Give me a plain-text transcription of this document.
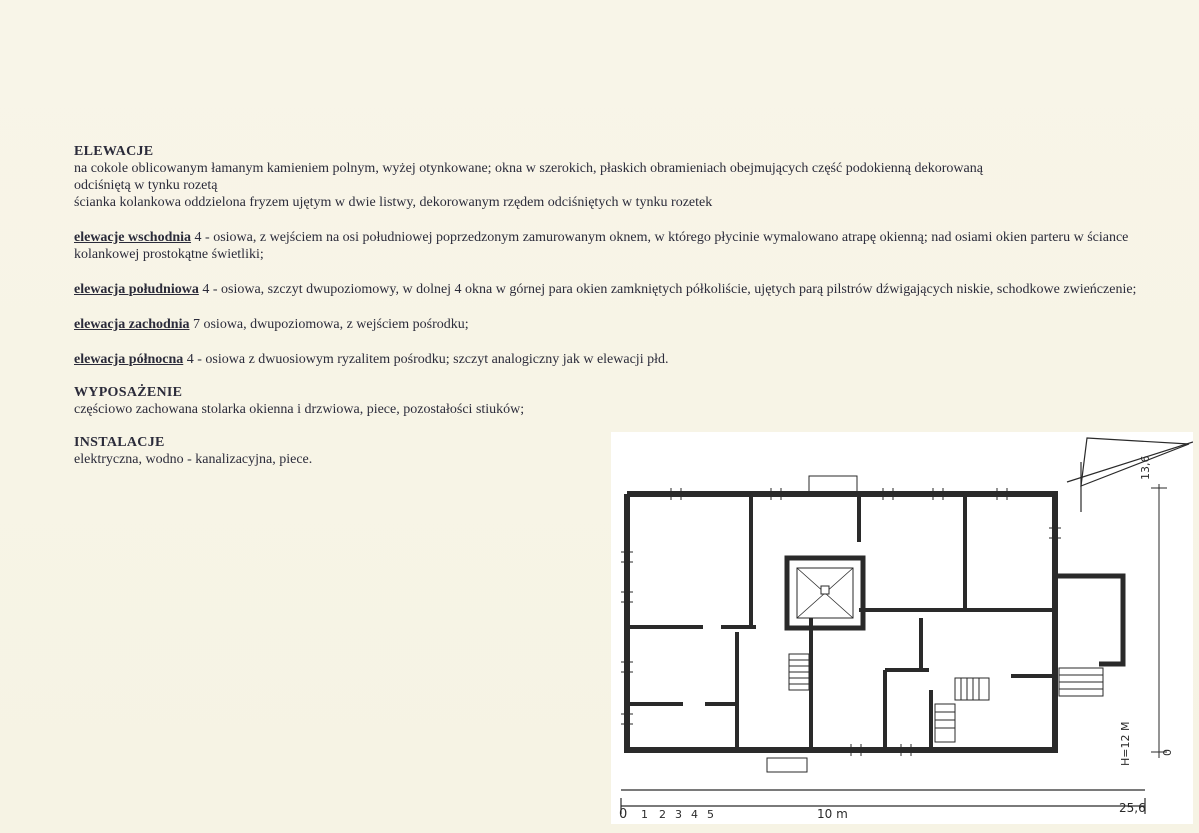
ELEWACJE

na cokole oblicowanym łamanym kamieniem polnym, wyżej otynkowane; okna w szerokich, płaskich obramieniach obejmujących część podokienną dekorowaną

odciśniętą w tynku rozetą

ścianka kolankowa oddzielona fryzem ujętym w dwie listwy, dekorowanym rzędem odciśniętych w tynku rozetek

elewacje wschodnia 4 - osiowa, z wejściem na osi południowej poprzedzonym zamurowanym oknem, w którego płycinie wymalowano atrapę okienną; nad osiami okien parteru w ściance kolankowej prostokątne świetliki;

elewacja południowa 4 - osiowa, szczyt dwupoziomowy, w dolnej 4 okna w górnej para okien zamkniętych półkoliście, ujętych parą pilstrów dźwigających niskie, schodkowe zwieńczenie;

elewacja zachodnia 7 osiowa, dwupoziomowa, z wejściem pośrodku;

elewacja północna 4 - osiowa z dwuosiowym ryzalitem pośrodku; szczyt analogiczny jak w elewacji płd.

WYPOSAŻENIE

częściowo zachowana stolarka okienna i drzwiowa, piece, pozostałości stiuków;

INSTALACJE

elektryczna, wodno - kanalizacyjna, piece.

0 1 2 3 4 5	10 m	25,6
13,6
0
H=12 M
